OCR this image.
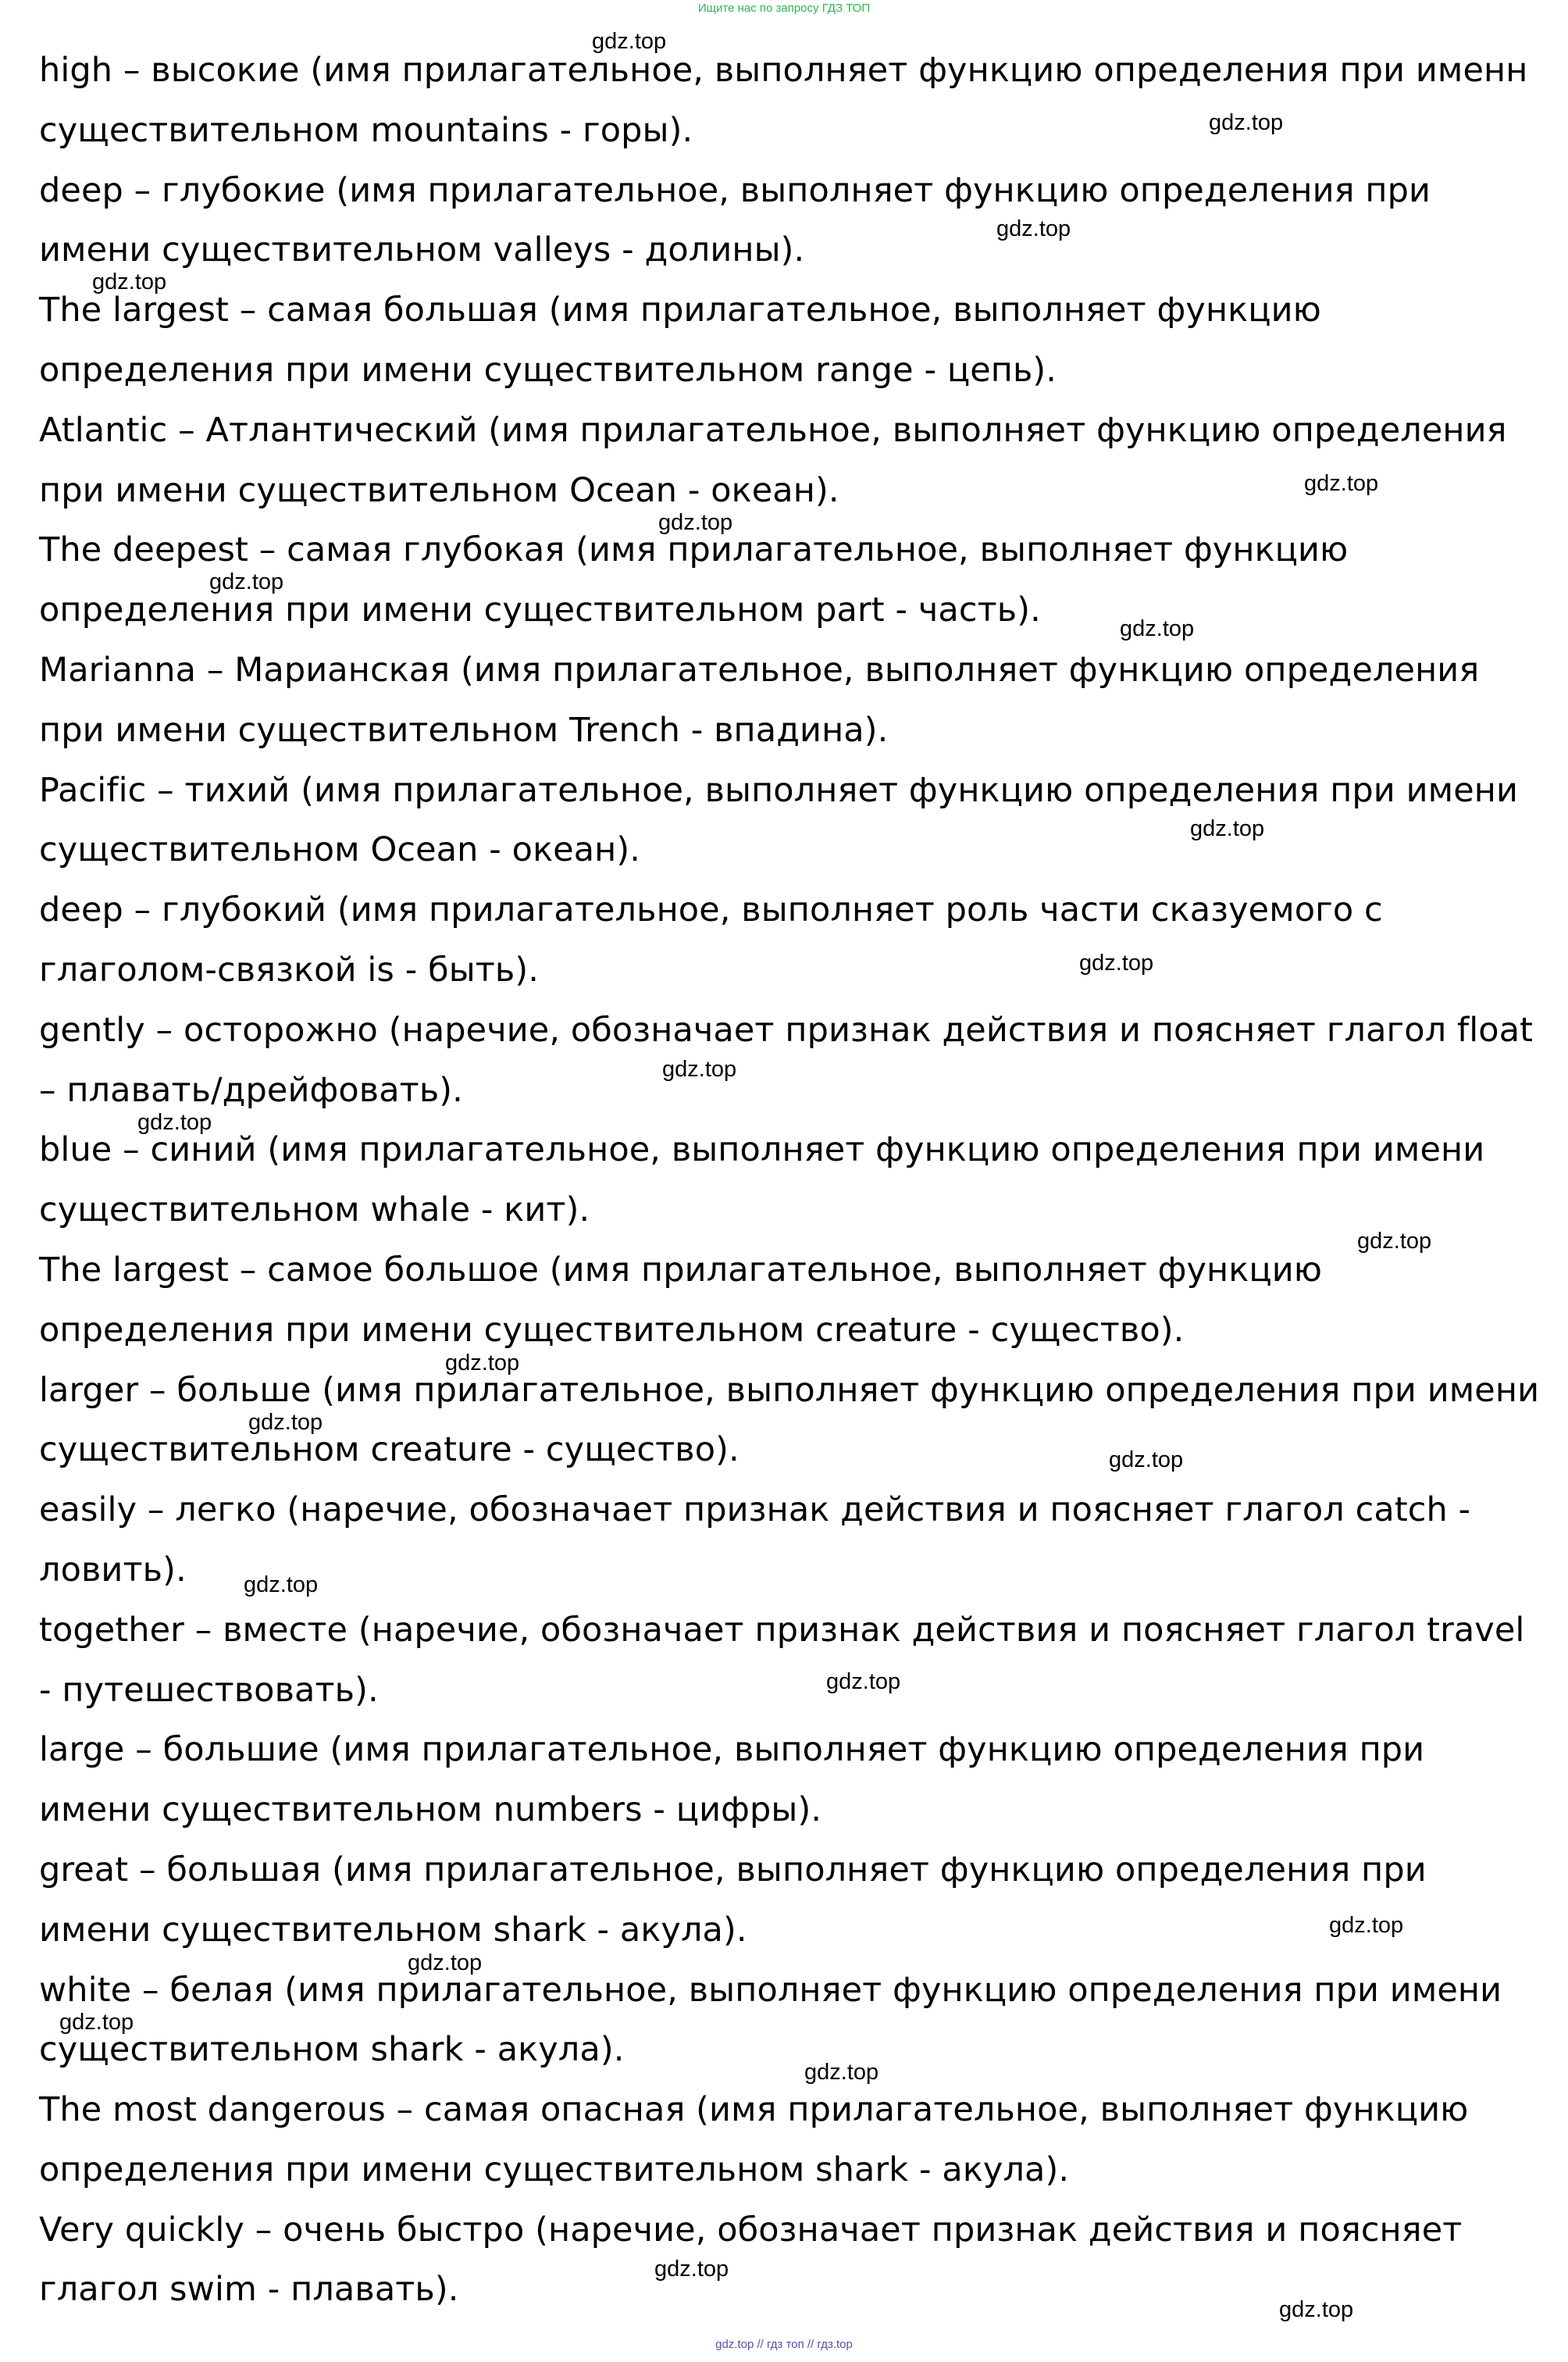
Ищите нас по запросу ГДЗ ТОП
high – высокие (имя прилагательное, выполняет функцию определения при именн существительном mountains - горы).
deep – глубокие (имя прилагательное, выполняет функцию определения при имени существительном valleys - долины).
The largest – самая большая (имя прилагательное, выполняет функцию определения при имени существительном range - цепь).
Atlantic – Атлантический (имя прилагательное, выполняет функцию определения при имени существительном Ocean - океан).
The deepest – самая глубокая (имя прилагательное, выполняет функцию определения при имени существительном part - часть).
Marianna – Марианская (имя прилагательное, выполняет функцию определения при имени существительном Trench - впадина).
Pacific – тихий (имя прилагательное, выполняет функцию определения при имени существительном Ocean - океан).
deep – глубокий (имя прилагательное, выполняет роль части сказуемого с глаголом-связкой is - быть).
gently – осторожно (наречие, обозначает признак действия и поясняет глагол float – плавать/дрейфовать).
blue – синий (имя прилагательное, выполняет функцию определения при имени существительном whale - кит).
The largest – самое большое (имя прилагательное, выполняет функцию определения при имени существительном creature - существо).
larger – больше (имя прилагательное, выполняет функцию определения при имени существительном creature - существо).
easily – легко (наречие, обозначает признак действия и поясняет глагол catch - ловить).
together – вместе (наречие, обозначает признак действия и поясняет глагол travel - путешествовать).
large – большие (имя прилагательное, выполняет функцию определения при имени существительном numbers - цифры).
great – большая (имя прилагательное, выполняет функцию определения при имени существительном shark - акула).
white – белая (имя прилагательное, выполняет функцию определения при имени существительном shark - акула).
The most dangerous – самая опасная (имя прилагательное, выполняет функцию определения при имени существительном shark - акула).
Very quickly – очень быстро (наречие, обозначает признак действия и поясняет глагол swim - плавать).
gdz.top
gdz.top
gdz.top
gdz.top
gdz.top
gdz.top
gdz.top
gdz.top
gdz.top
gdz.top
gdz.top
gdz.top
gdz.top
gdz.top
gdz.top
gdz.top
gdz.top
gdz.top
gdz.top
gdz.top
gdz.top
gdz.top
gdz.top
gdz.top
gdz.top // гдз топ // гдз.top
